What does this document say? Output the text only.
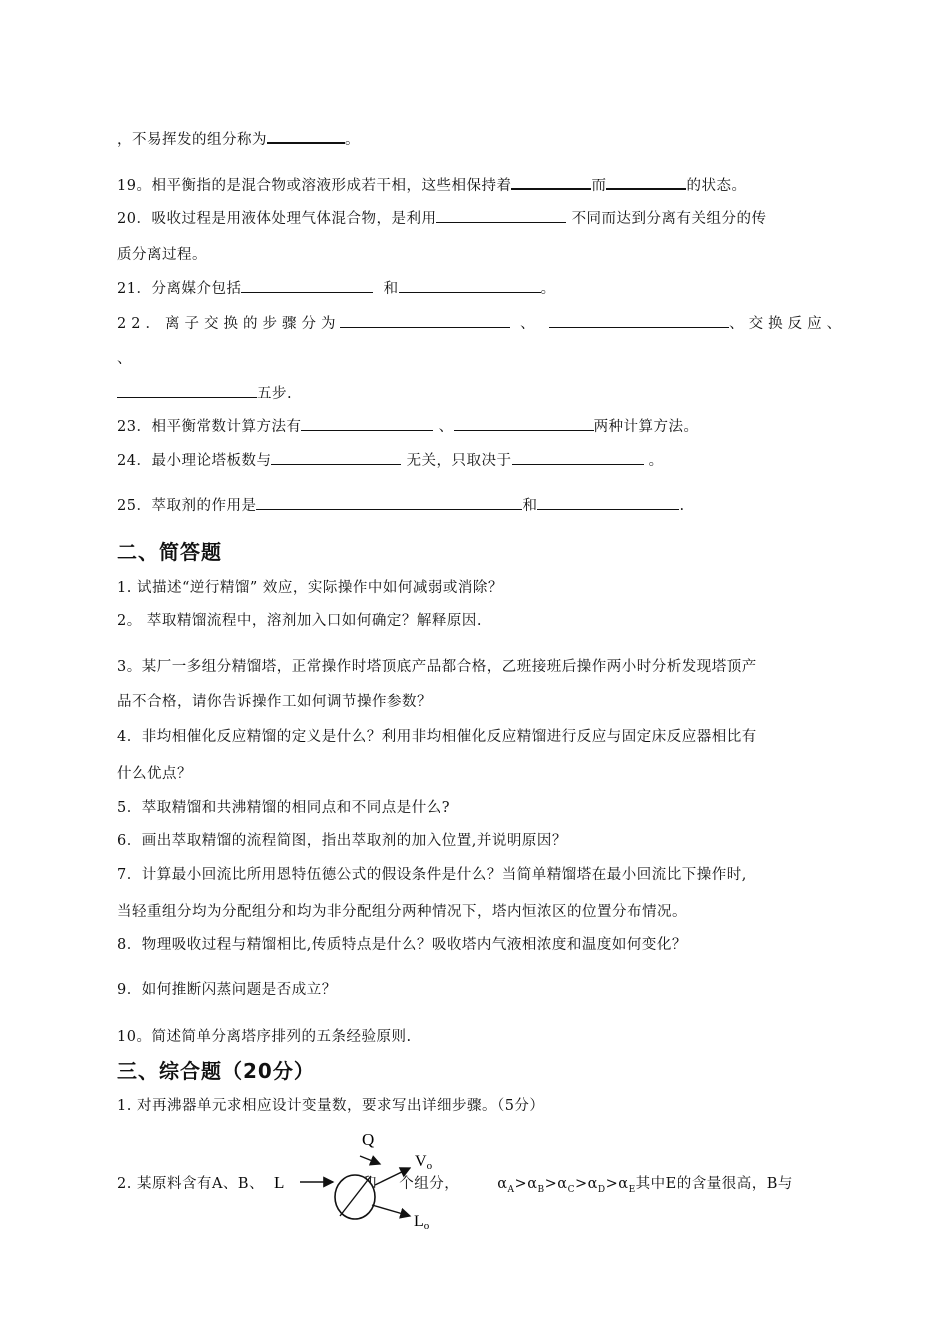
，不易挥发的组分称为	。
19。相平衡指的是混合物或溶液形成若干相，这些相保持着	而	的状态。
20．吸收过程是用液体处理气体混合物，是利用	不同而达到分离有关组分的传
质分离过程。
21．分离媒介包括	和	。
22．离子交换的步骤分为	、	、交换反应、
、
五步.
23．相平衡常数计算方法有	、	两种计算方法。
24．最小理论塔板数与	无关，只取决于	。
25．萃取剂的作用是	和	.
二、简答题
1. 试描述“逆行精馏” 效应，实际操作中如何减弱或消除？
2。 萃取精馏流程中，溶剂加入口如何确定？解释原因.
3。某厂一多组分精馏塔，正常操作时塔顶底产品都合格，乙班接班后操作两小时分析发现塔顶产
品不合格，请你告诉操作工如何调节操作参数？
4．非均相催化反应精馏的定义是什么？利用非均相催化反应精馏进行反应与固定床反应器相比有
什么优点？
5．萃取精馏和共沸精馏的相同点和不同点是什么?
6．画出萃取精馏的流程简图，指出萃取剂的加入位置,并说明原因？
7．计算最小回流比所用恩特伍德公式的假设条件是什么？当简单精馏塔在最小回流比下操作时,
当轻重组分均为分配组分和均为非分配组分两种情况下，塔内恒浓区的位置分布情况。
8．物理吸收过程与精馏相比,传质特点是什么？吸收塔内气液相浓度和温度如何变化？
9．如何推断闪蒸问题是否成立？
10。简述简单分离塔序排列的五条经验原则.
三、综合题（20分）
1. 对再沸器单元求相应设计变量数，要求写出详细步骤。（5分）
2. 某原料含有A、B、	个组分，	$\alpha_A>\alpha_B>\alpha_C>\alpha_D>\alpha_E$其中E的含量很高，B与
Q
Vo
L
Lo
